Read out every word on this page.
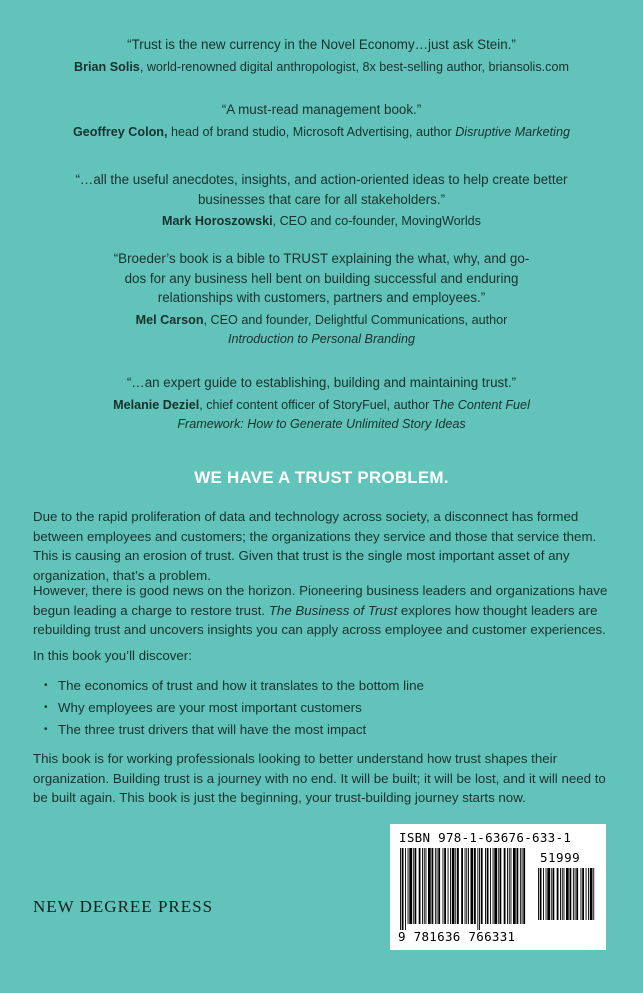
“Trust is the new currency in the Novel Economy…just ask Stein.”
Brian Solis, world-renowned digital anthropologist, 8x best-selling author, briansolis.com
“A must-read management book.”
Geoffrey Colon, head of brand studio, Microsoft Advertising, author Disruptive Marketing
“…all the useful anecdotes, insights, and action-oriented ideas to help create better
businesses that care for all stakeholders.”
Mark Horoszowski, CEO and co-founder, MovingWorlds
“Broeder’s book is a bible to TRUST explaining the what, why, and go-
dos for any business hell bent on building successful and enduring
relationships with customers, partners and employees.”
Mel Carson, CEO and founder, Delightful Communications, author
Introduction to Personal Branding
“…an expert guide to establishing, building and maintaining trust.”
Melanie Deziel, chief content officer of StoryFuel, author The Content Fuel
Framework: How to Generate Unlimited Story Ideas
WE HAVE A TRUST PROBLEM.
Due to the rapid proliferation of data and technology across society, a disconnect has formed between employees and customers; the organizations they service and those that service them. This is causing an erosion of trust. Given that trust is the single most important asset of any organization, that’s a problem.
However, there is good news on the horizon. Pioneering business leaders and organizations have begun leading a charge to restore trust. The Business of Trust explores how thought leaders are rebuilding trust and uncovers insights you can apply across employee and customer experiences.
In this book you’ll discover:
• The economics of trust and how it translates to the bottom line
• Why employees are your most important customers
• The three trust drivers that will have the most impact
This book is for working professionals looking to better understand how trust shapes their organization. Building trust is a journey with no end. It will be built; it will be lost, and it will need to be built again. This book is just the beginning, your trust-building journey starts now.
NEW DEGREE PRESS
ISBN 978-1-63676-633-1
51999
9 781636 766331
